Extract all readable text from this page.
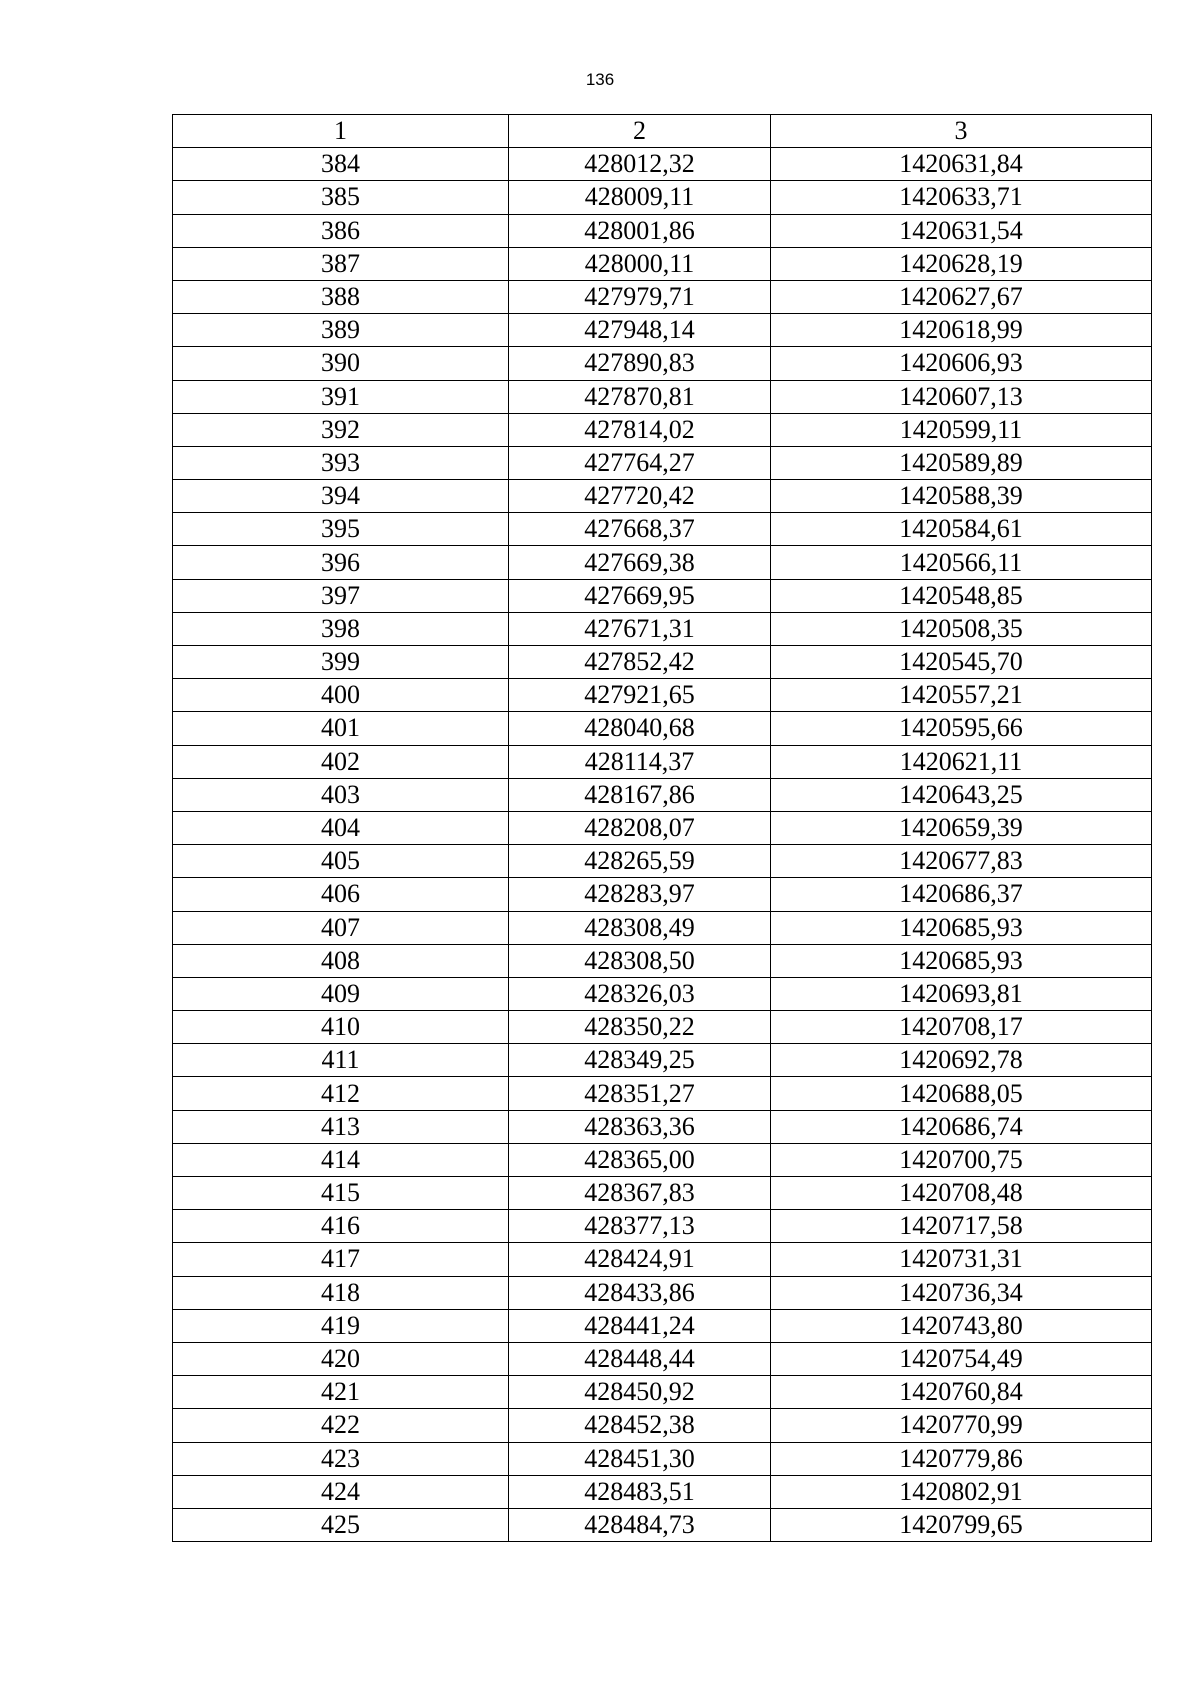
136
1	2	3
384	428012,32	1420631,84
385	428009,11	1420633,71
386	428001,86	1420631,54
387	428000,11	1420628,19
388	427979,71	1420627,67
389	427948,14	1420618,99
390	427890,83	1420606,93
391	427870,81	1420607,13
392	427814,02	1420599,11
393	427764,27	1420589,89
394	427720,42	1420588,39
395	427668,37	1420584,61
396	427669,38	1420566,11
397	427669,95	1420548,85
398	427671,31	1420508,35
399	427852,42	1420545,70
400	427921,65	1420557,21
401	428040,68	1420595,66
402	428114,37	1420621,11
403	428167,86	1420643,25
404	428208,07	1420659,39
405	428265,59	1420677,83
406	428283,97	1420686,37
407	428308,49	1420685,93
408	428308,50	1420685,93
409	428326,03	1420693,81
410	428350,22	1420708,17
411	428349,25	1420692,78
412	428351,27	1420688,05
413	428363,36	1420686,74
414	428365,00	1420700,75
415	428367,83	1420708,48
416	428377,13	1420717,58
417	428424,91	1420731,31
418	428433,86	1420736,34
419	428441,24	1420743,80
420	428448,44	1420754,49
421	428450,92	1420760,84
422	428452,38	1420770,99
423	428451,30	1420779,86
424	428483,51	1420802,91
425	428484,73	1420799,65
